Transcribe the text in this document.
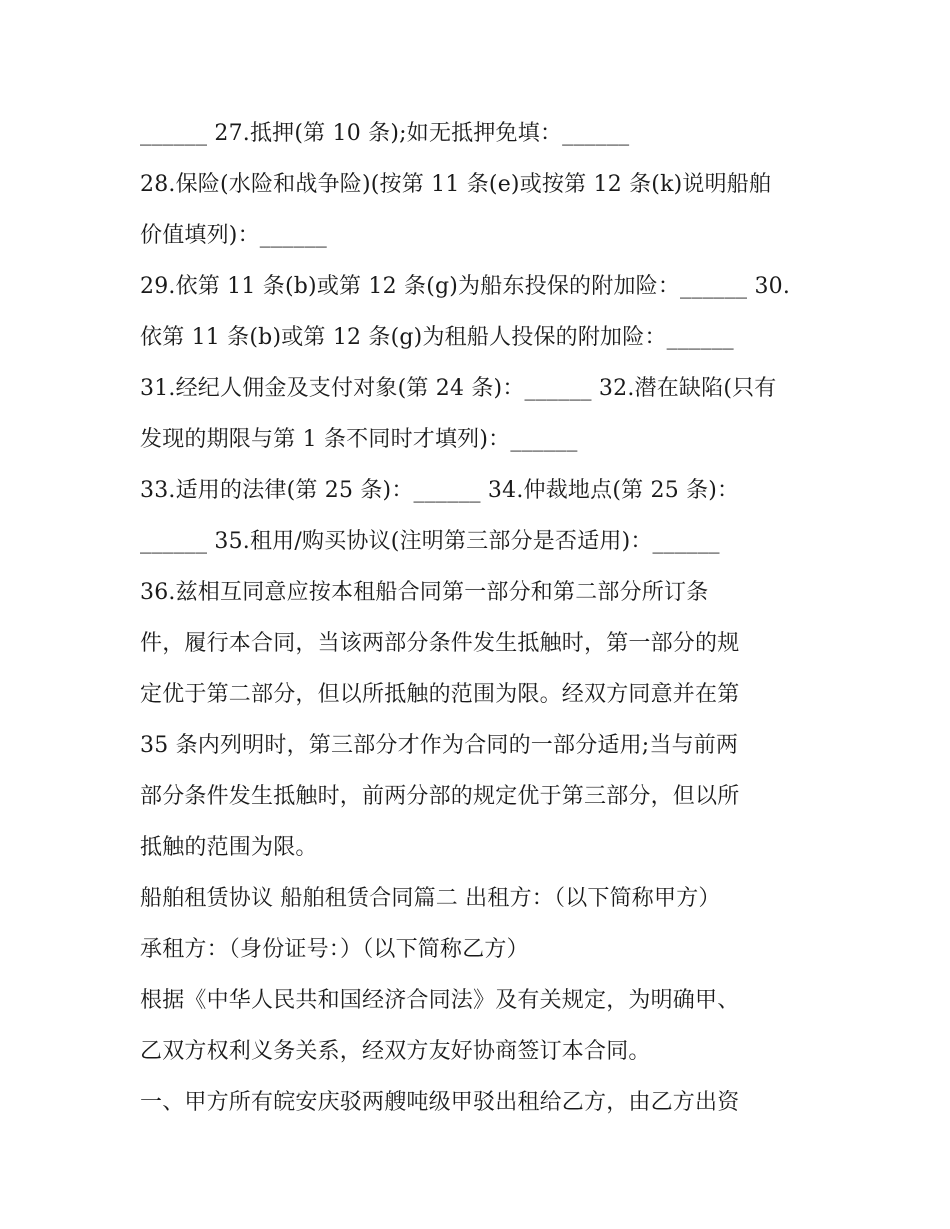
______ 27.抵押(第 10 条);如无抵押免填：______
28.保险(水险和战争险)(按第 11 条(e)或按第 12 条(k)说明船舶
价值填列)：______
29.依第 11 条(b)或第 12 条(g)为船东投保的附加险：______ 30.
依第 11 条(b)或第 12 条(g)为租船人投保的附加险：______
31.经纪人佣金及支付对象(第 24 条)：______ 32.潜在缺陷(只有
发现的期限与第 1 条不同时才填列)：______
33.适用的法律(第 25 条)：______ 34.仲裁地点(第 25 条)：
______ 35.租用/购买协议(注明第三部分是否适用)：______
36.兹相互同意应按本租船合同第一部分和第二部分所订条
件，履行本合同，当该两部分条件发生抵触时，第一部分的规
定优于第二部分，但以所抵触的范围为限。经双方同意并在第
35 条内列明时，第三部分才作为合同的一部分适用;当与前两
部分条件发生抵触时，前两分部的规定优于第三部分，但以所
抵触的范围为限。
船舶租赁协议 船舶租赁合同篇二 出租方：（以下简称甲方）
承租方：（身份证号：）（以下简称乙方）
根据《中华人民共和国经济合同法》及有关规定，为明确甲、
乙双方权利义务关系，经双方友好协商签订本合同。
一、甲方所有皖安庆驳两艘吨级甲驳出租给乙方，由乙方出资
